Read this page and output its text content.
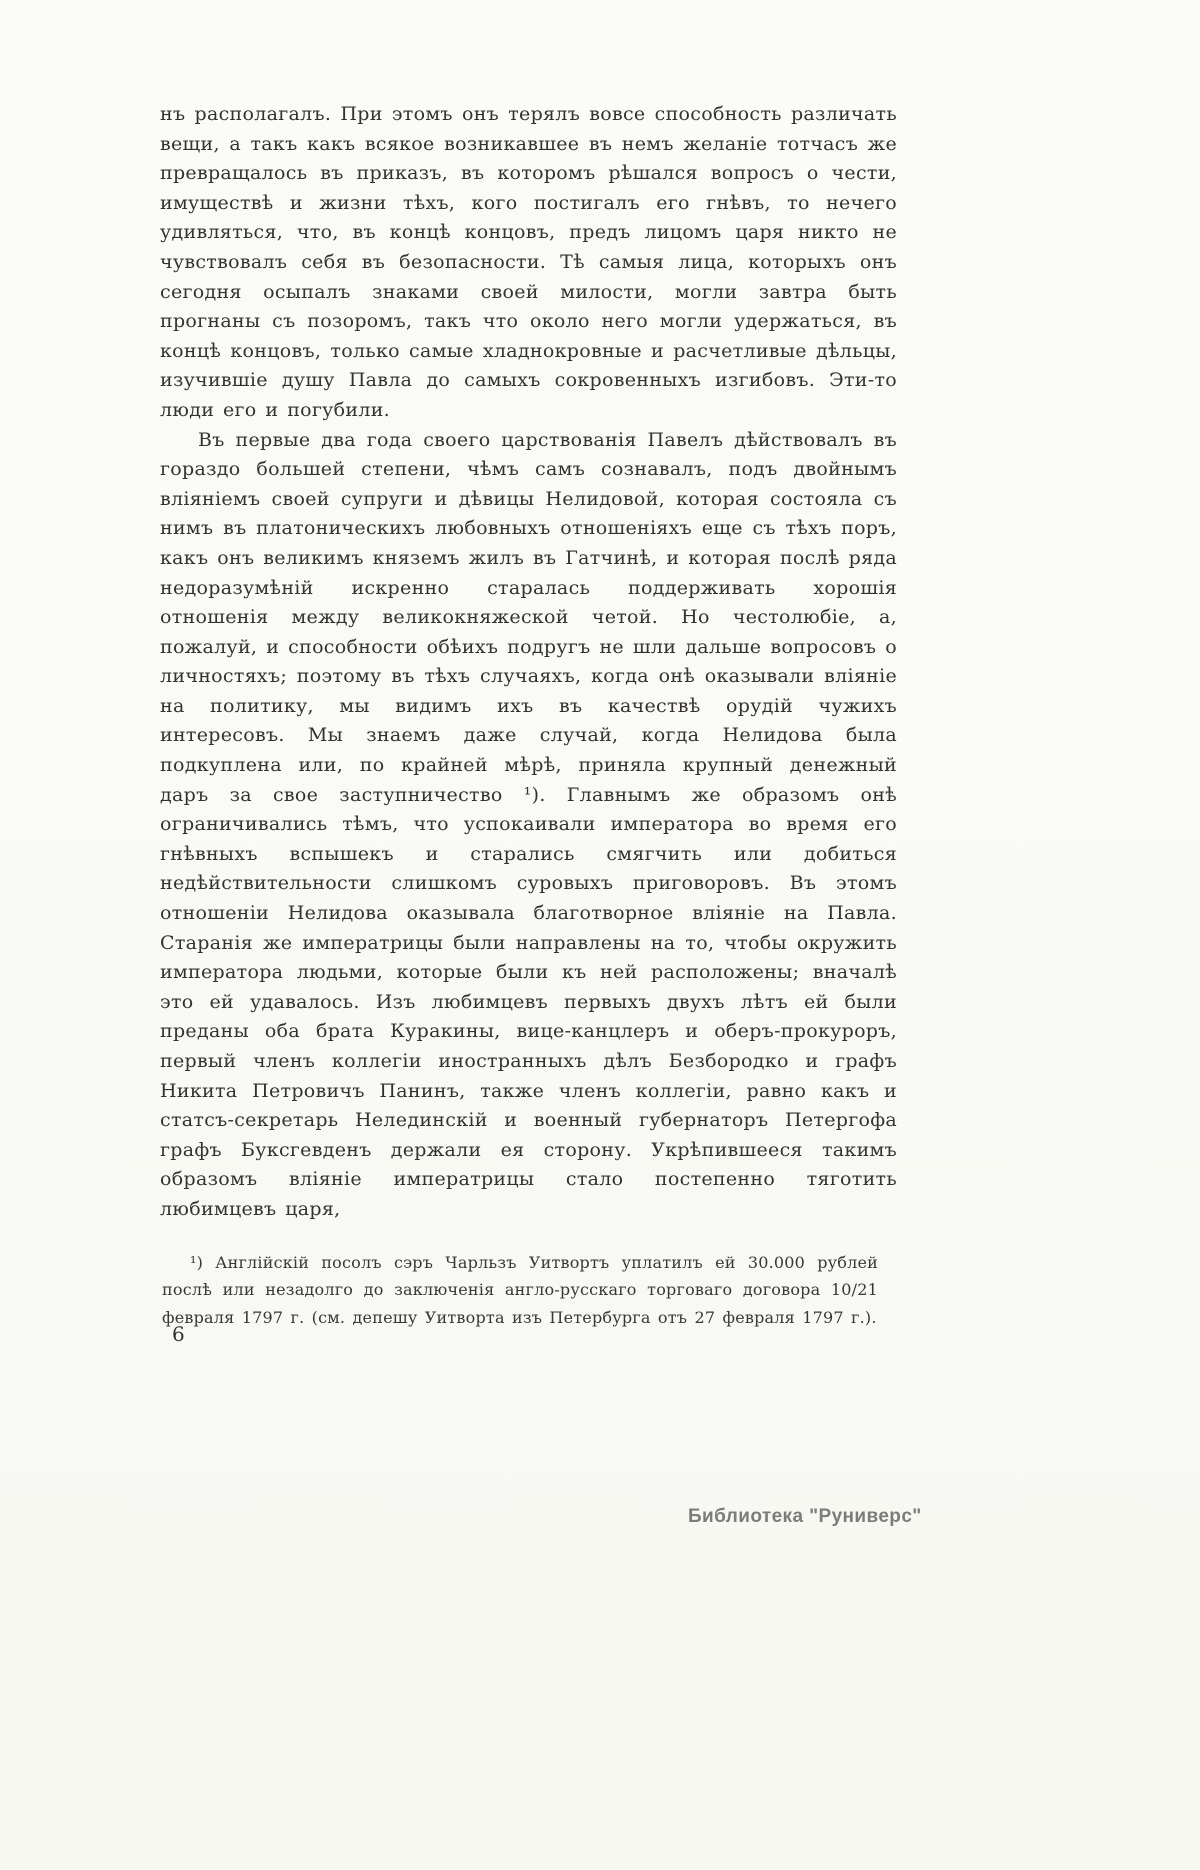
нъ располагалъ. При этомъ онъ терялъ вовсе способность различать вещи, а такъ какъ всякое возникавшее въ немъ желаніе тотчасъ же превращалось въ приказъ, въ которомъ рѣшался вопросъ о чести, имуществѣ и жизни тѣхъ, кого постигалъ его гнѣвъ, то нечего удивляться, что, въ концѣ концовъ, предъ лицомъ царя никто не чувствовалъ себя въ безопасности. Тѣ самыя лица, которыхъ онъ сегодня осыпалъ знаками своей милости, могли завтра быть прогнаны съ позоромъ, такъ что около него могли удержаться, въ концѣ концовъ, только самые хладнокровные и расчетливые дѣльцы, изучившіе душу Павла до самыхъ сокровенныхъ изгибовъ. Эти-то люди его и погубили.

Въ первые два года своего царствованія Павелъ дѣйствовалъ въ гораздо большей степени, чѣмъ самъ сознавалъ, подъ двойнымъ вліяніемъ своей супруги и дѣвицы Нелидовой, которая состояла съ нимъ въ платоническихъ любовныхъ отношеніяхъ еще съ тѣхъ поръ, какъ онъ великимъ княземъ жилъ въ Гатчинѣ, и которая послѣ ряда недоразумѣній искренно старалась поддерживать хорошія отношенія между великокняжеской четой. Но честолюбіе, а, пожалуй, и способности обѣихъ подругъ не шли дальше вопросовъ о личностяхъ; поэтому въ тѣхъ случаяхъ, когда онѣ оказывали вліяніе на политику, мы видимъ ихъ въ качествѣ орудій чужихъ интересовъ. Мы знаемъ даже случай, когда Нелидова была подкуплена или, по крайней мѣрѣ, приняла крупный денежный даръ за свое заступничество ¹). Главнымъ же образомъ онѣ ограничивались тѣмъ, что успокаивали императора во время его гнѣвныхъ вспышекъ и старались смягчить или добиться недѣйствительности слишкомъ суровыхъ приговоровъ. Въ этомъ отношеніи Нелидова оказывала благотворное вліяніе на Павла. Старанія же императрицы были направлены на то, чтобы окружить императора людьми, которые были къ ней расположены; вначалѣ это ей удавалось. Изъ любимцевъ первыхъ двухъ лѣтъ ей были преданы оба брата Куракины, вице-канцлеръ и оберъ-прокуроръ, первый членъ коллегіи иностранныхъ дѣлъ Безбородко и графъ Никита Петровичъ Панинъ, также членъ коллегіи, равно какъ и статсъ-секретарь Нелединскій и военный губернаторъ Петергофа графъ Буксгевденъ держали ея сторону. Укрѣпившееся такимъ образомъ вліяніе императрицы стало постепенно тяготить любимцевъ царя,

¹) Англійскій посолъ сэръ Чарльзъ Уитвортъ уплатилъ ей 30.000 рублей послѣ или незадолго до заключенія англо-русскаго торговаго договора 10/21 февраля 1797 г. (см. депешу Уитворта изъ Петербурга отъ 27 февраля 1797 г.).

6
Библиотека "Руниверс"
